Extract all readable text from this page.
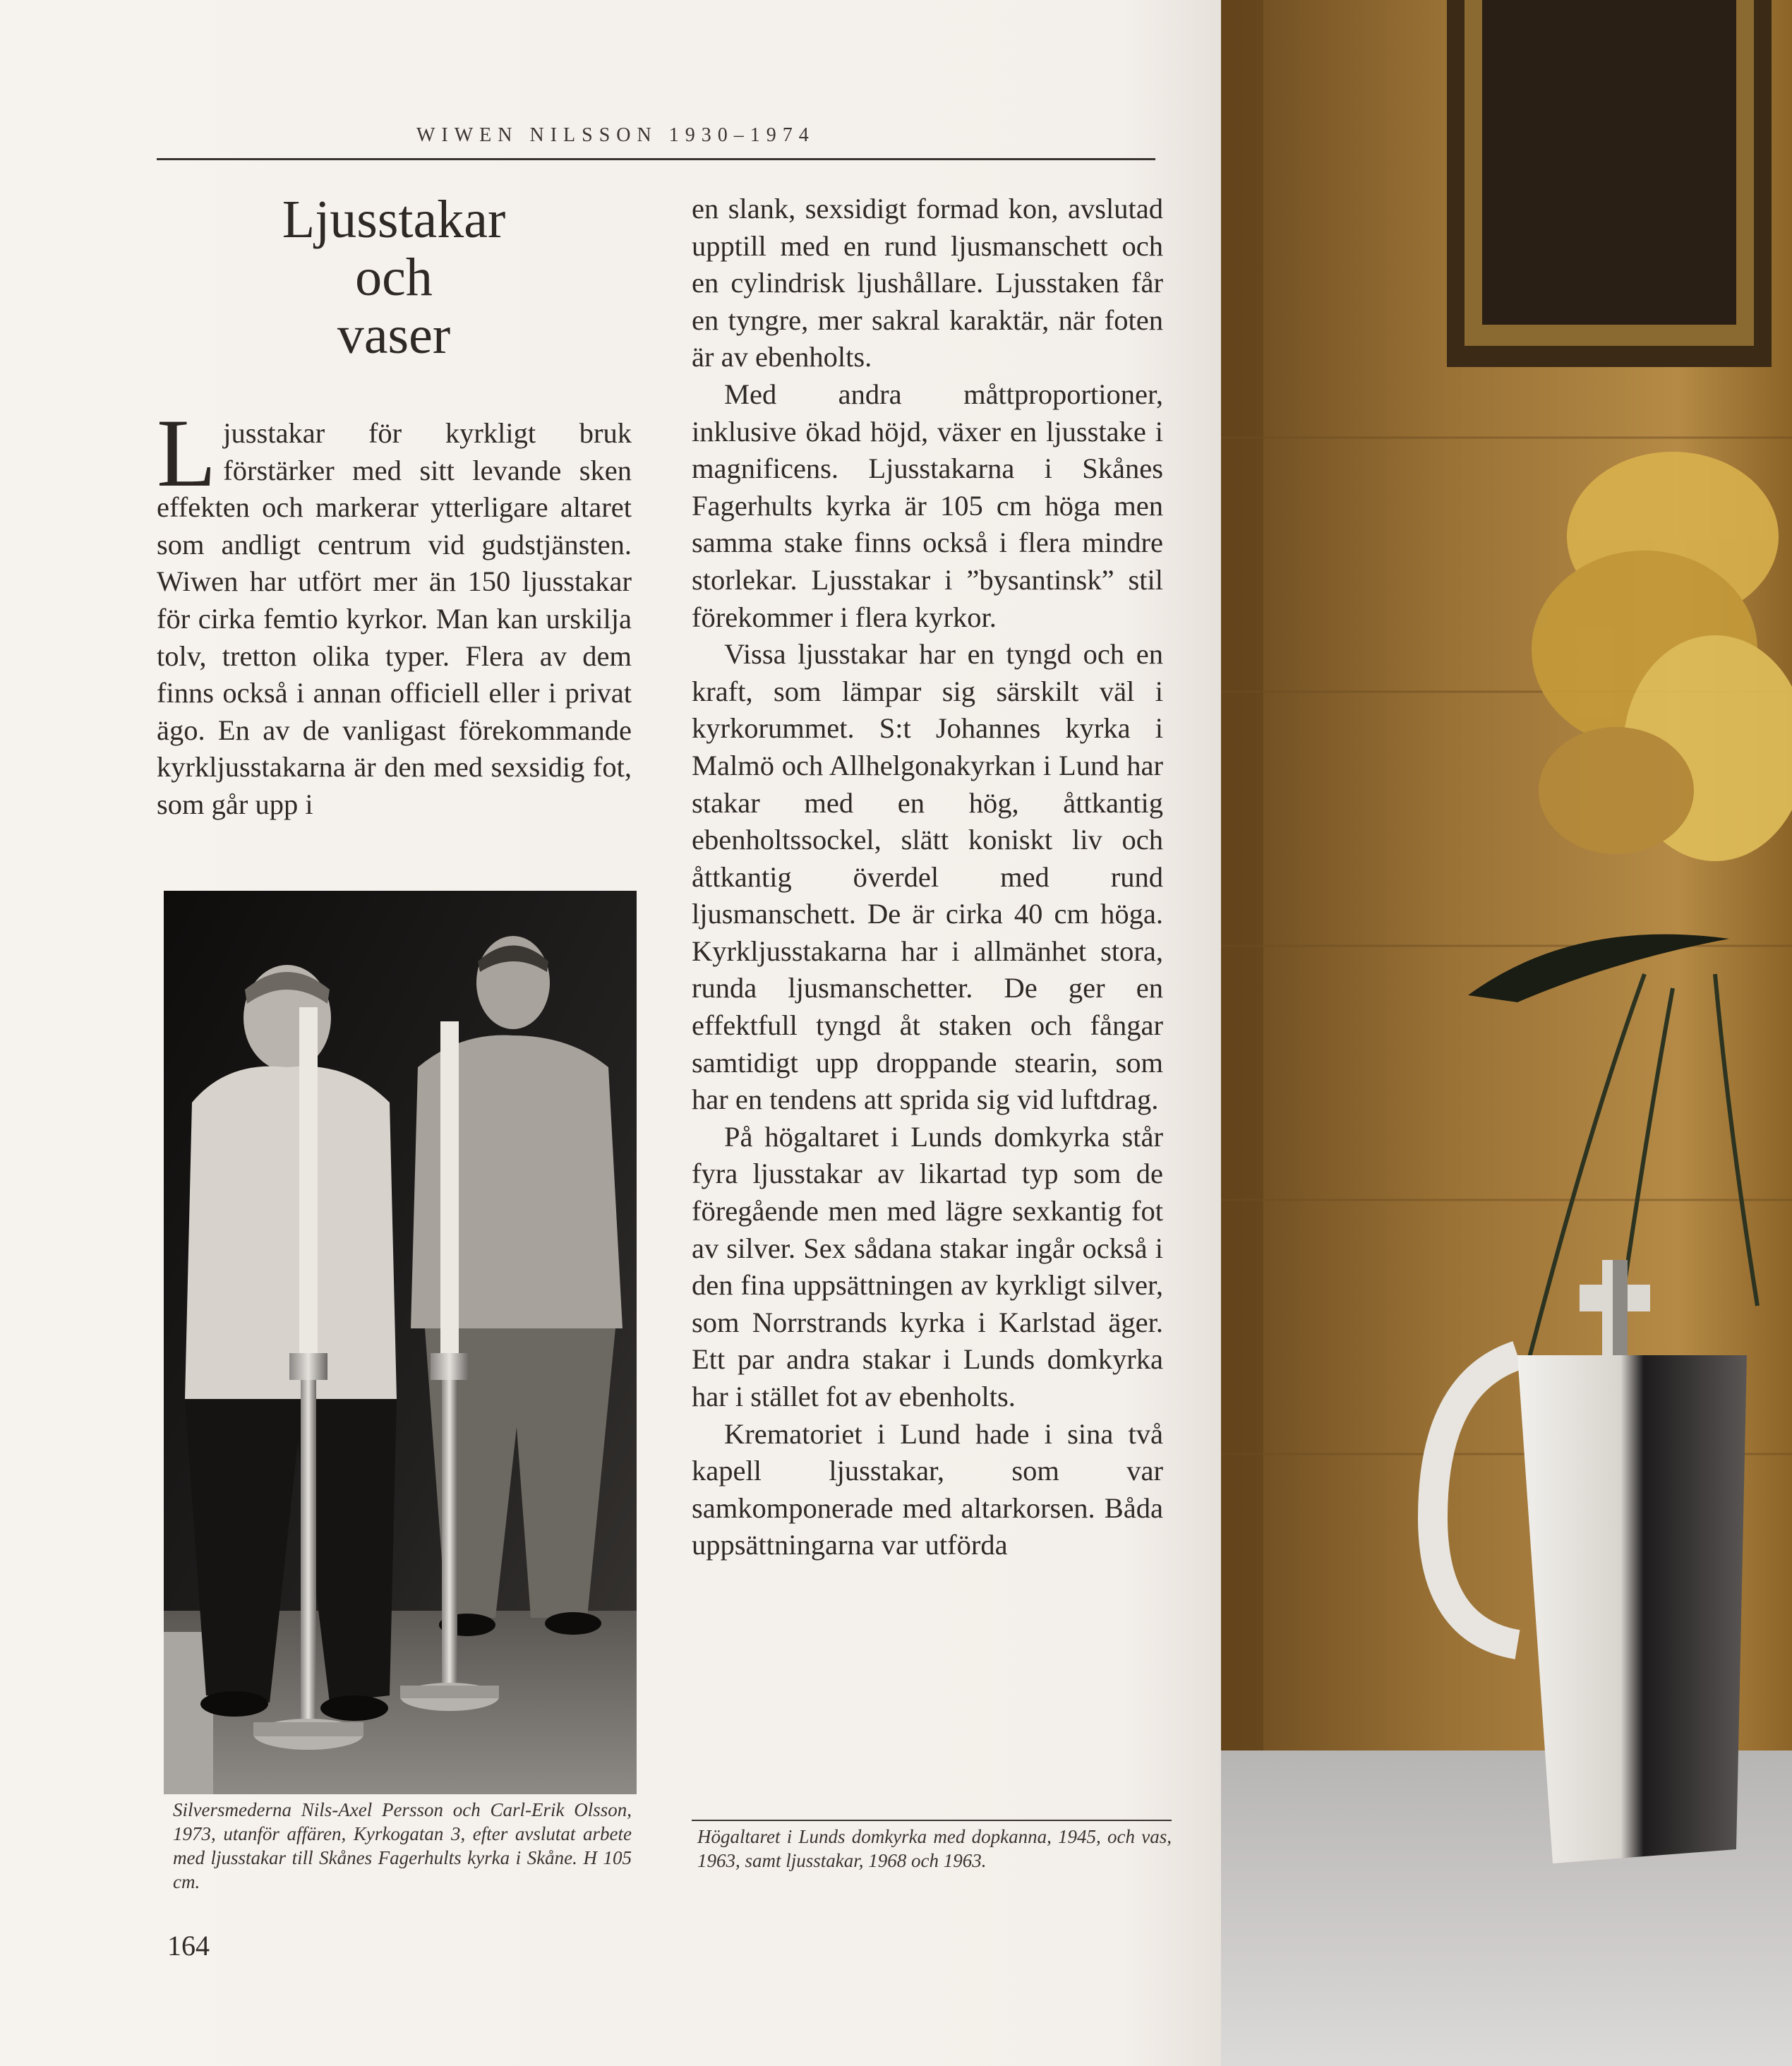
WIWEN NILSSON 1930–1974
Ljusstakar
och
vaser

Ljusstakar för kyrkligt bruk förstärker med sitt levande sken effekten och markerar ytterligare altaret som andligt centrum vid gudstjänsten. Wiwen har utfört mer än 150 ljusstakar för cirka femtio kyrkor. Man kan urskilja tolv, tretton olika typer. Flera av dem finns också i annan officiell eller i privat ägo. En av de vanligast förekommande kyrkljusstakarna är den med sexsidig fot, som går upp i

Silversmederna Nils-Axel Persson och Carl-Erik Olsson, 1973, utanför affären, Kyrkogatan 3, efter avslutat arbete med ljusstakar till Skånes Fagerhults kyrka i Skåne. H 105 cm.
164

en slank, sexsidigt formad kon, avslutad upptill med en rund ljusmanschett och en cylindrisk ljushållare. Ljusstaken får en tyngre, mer sakral karaktär, när foten är av ebenholts.

Med andra måttproportioner, inklusive ökad höjd, växer en ljusstake i magnificens. Ljusstakarna i Skånes Fagerhults kyrka är 105 cm höga men samma stake finns också i flera mindre storlekar. Ljusstakar i ”bysantinsk” stil förekommer i flera kyrkor.

Vissa ljusstakar har en tyngd och en kraft, som lämpar sig särskilt väl i kyrkorummet. S:t Johannes kyrka i Malmö och Allhelgonakyrkan i Lund har stakar med en hög, åttkantig ebenholtssockel, slätt koniskt liv och åttkantig överdel med rund ljusmanschett. De är cirka 40 cm höga. Kyrkljusstakarna har i allmänhet stora, runda ljusmanschetter. De ger en effektfull tyngd åt staken och fångar samtidigt upp droppande stearin, som har en tendens att sprida sig vid luftdrag.

På högaltaret i Lunds domkyrka står fyra ljusstakar av likartad typ som de föregående men med lägre sexkantig fot av silver. Sex sådana stakar ingår också i den fina uppsättningen av kyrkligt silver, som Norrstrands kyrka i Karlstad äger. Ett par andra stakar i Lunds domkyrka har i stället fot av ebenholts.

Krematoriet i Lund hade i sina två kapell ljusstakar, som var samkomponerade med altarkorsen. Båda uppsättningarna var utförda

Högaltaret i Lunds domkyrka med dopkanna, 1945, och vas, 1963, samt ljusstakar, 1968 och 1963.
